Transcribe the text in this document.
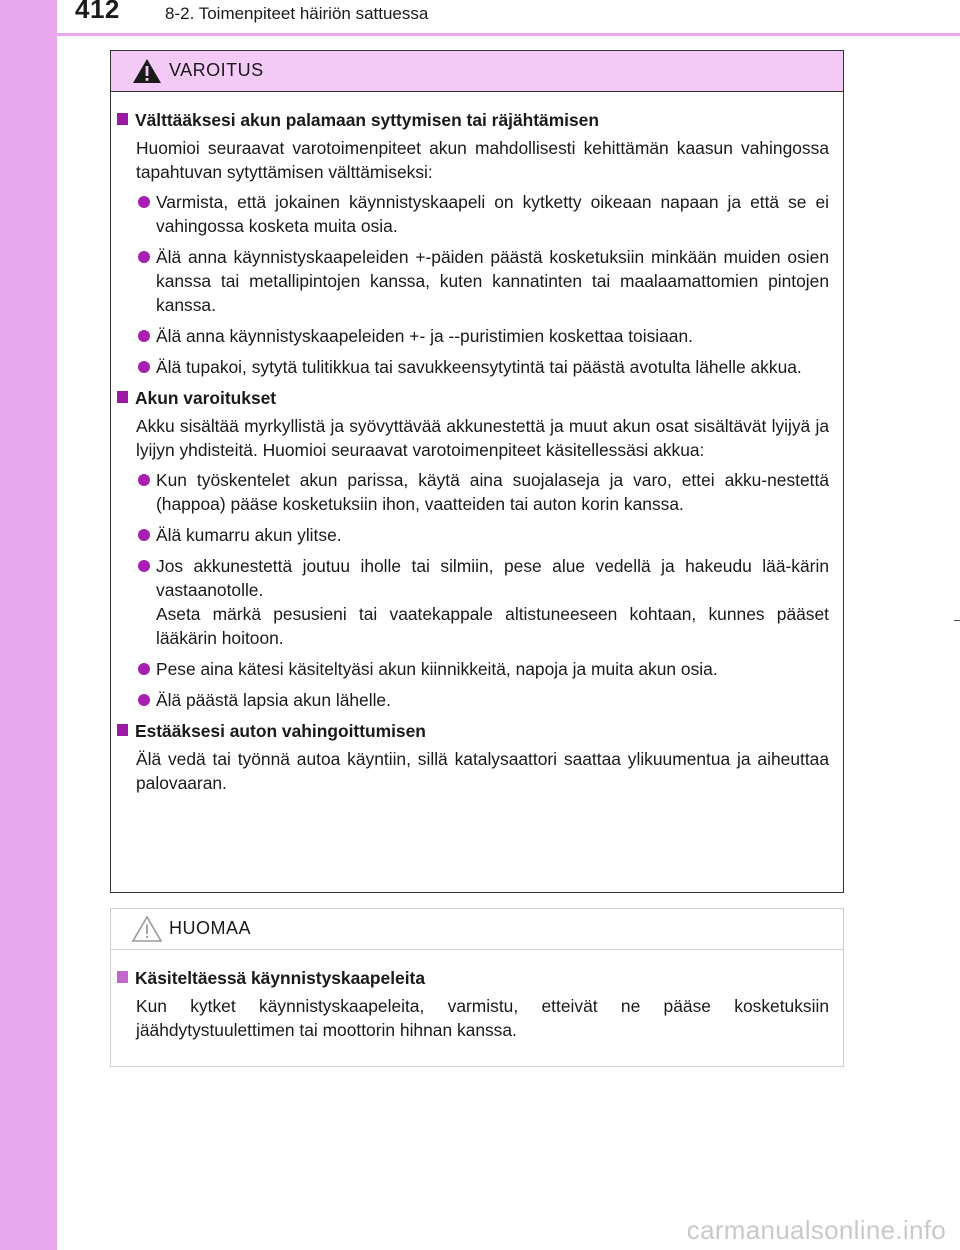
412	8-2. Toimenpiteet häiriön sattuessa
VAROITUS
Välttääksesi akun palamaan syttymisen tai räjähtämisen
Huomioi seuraavat varotoimenpiteet akun mahdollisesti kehittämän kaasun vahingossa tapahtuvan sytyttämisen välttämiseksi:
Varmista, että jokainen käynnistyskaapeli on kytketty oikeaan napaan ja että se ei vahingossa kosketa muita osia.
Älä anna käynnistyskaapeleiden +-päiden päästä kosketuksiin minkään muiden osien kanssa tai metallipintojen kanssa, kuten kannatinten tai maalaamattomien pintojen kanssa.
Älä anna käynnistyskaapeleiden +- ja --puristimien koskettaa toisiaan.
Älä tupakoi, sytytä tulitikkua tai savukkeensytytintä tai päästä avotulta lähelle akkua.
Akun varoitukset
Akku sisältää myrkyllistä ja syövyttävää akkunestettä ja muut akun osat sisältävät lyijyä ja lyijyn yhdisteitä. Huomioi seuraavat varotoimenpiteet käsitellessäsi akkua:
Kun työskentelet akun parissa, käytä aina suojalaseja ja varo, ettei akku-nestettä (happoa) pääse kosketuksiin ihon, vaatteiden tai auton korin kanssa.
Älä kumarru akun ylitse.
Jos akkunestettä joutuu iholle tai silmiin, pese alue vedellä ja hakeudu lää-kärin vastaanotolle.
Aseta märkä pesusieni tai vaatekappale altistuneeseen kohtaan, kunnes pääset lääkärin hoitoon.
Pese aina kätesi käsiteltyäsi akun kiinnikkeitä, napoja ja muita akun osia.
Älä päästä lapsia akun lähelle.
Estääksesi auton vahingoittumisen
Älä vedä tai työnnä autoa käyntiin, sillä katalysaattori saattaa ylikuumentua ja aiheuttaa palovaaran.
HUOMAA
Käsiteltäessä käynnistyskaapeleita
Kun kytket käynnistyskaapeleita, varmistu, etteivät ne pääse kosketuksiin jäähdytystuulettimen tai moottorin hihnan kanssa.
carmanualsonline.info
